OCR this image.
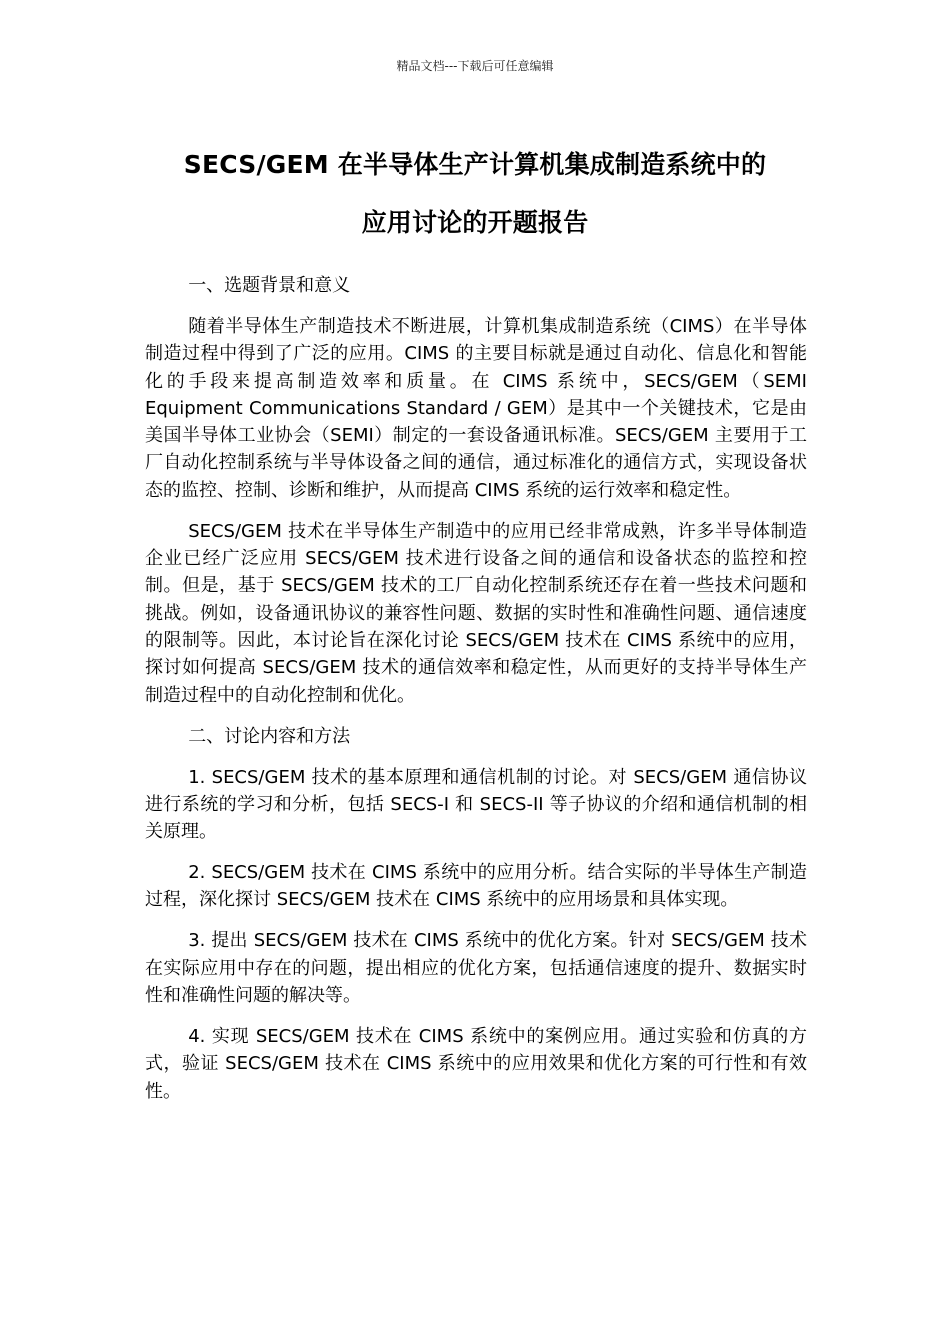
精品文档---下载后可任意编辑
SECS/GEM 在半导体生产计算机集成制造系统中的
应用讨论的开题报告

一、选题背景和意义

随着半导体生产制造技术不断进展，计算机集成制造系统（CIMS）在半导体制造过程中得到了广泛的应用。CIMS 的主要目标就是通过自动化、信息化和智能化的手段来提高制造效率和质量。在 CIMS 系统中，SECS/GEM（SEMI Equipment Communications Standard / GEM）是其中一个关键技术，它是由美国半导体工业协会（SEMI）制定的一套设备通讯标准。SECS/GEM 主要用于工厂自动化控制系统与半导体设备之间的通信，通过标准化的通信方式，实现设备状态的监控、控制、诊断和维护，从而提高 CIMS 系统的运行效率和稳定性。

SECS/GEM 技术在半导体生产制造中的应用已经非常成熟，许多半导体制造企业已经广泛应用 SECS/GEM 技术进行设备之间的通信和设备状态的监控和控制。但是，基于 SECS/GEM 技术的工厂自动化控制系统还存在着一些技术问题和挑战。例如，设备通讯协议的兼容性问题、数据的实时性和准确性问题、通信速度的限制等。因此，本讨论旨在深化讨论 SECS/GEM 技术在 CIMS 系统中的应用，探讨如何提高 SECS/GEM 技术的通信效率和稳定性，从而更好的支持半导体生产制造过程中的自动化控制和优化。

二、讨论内容和方法

1. SECS/GEM 技术的基本原理和通信机制的讨论。对 SECS/GEM 通信协议进行系统的学习和分析，包括 SECS-I 和 SECS-II 等子协议的介绍和通信机制的相关原理。

2. SECS/GEM 技术在 CIMS 系统中的应用分析。结合实际的半导体生产制造过程，深化探讨 SECS/GEM 技术在 CIMS 系统中的应用场景和具体实现。

3. 提出 SECS/GEM 技术在 CIMS 系统中的优化方案。针对 SECS/GEM 技术在实际应用中存在的问题，提出相应的优化方案，包括通信速度的提升、数据实时性和准确性问题的解决等。

4. 实现 SECS/GEM 技术在 CIMS 系统中的案例应用。通过实验和仿真的方式，验证 SECS/GEM 技术在 CIMS 系统中的应用效果和优化方案的可行性和有效性。
